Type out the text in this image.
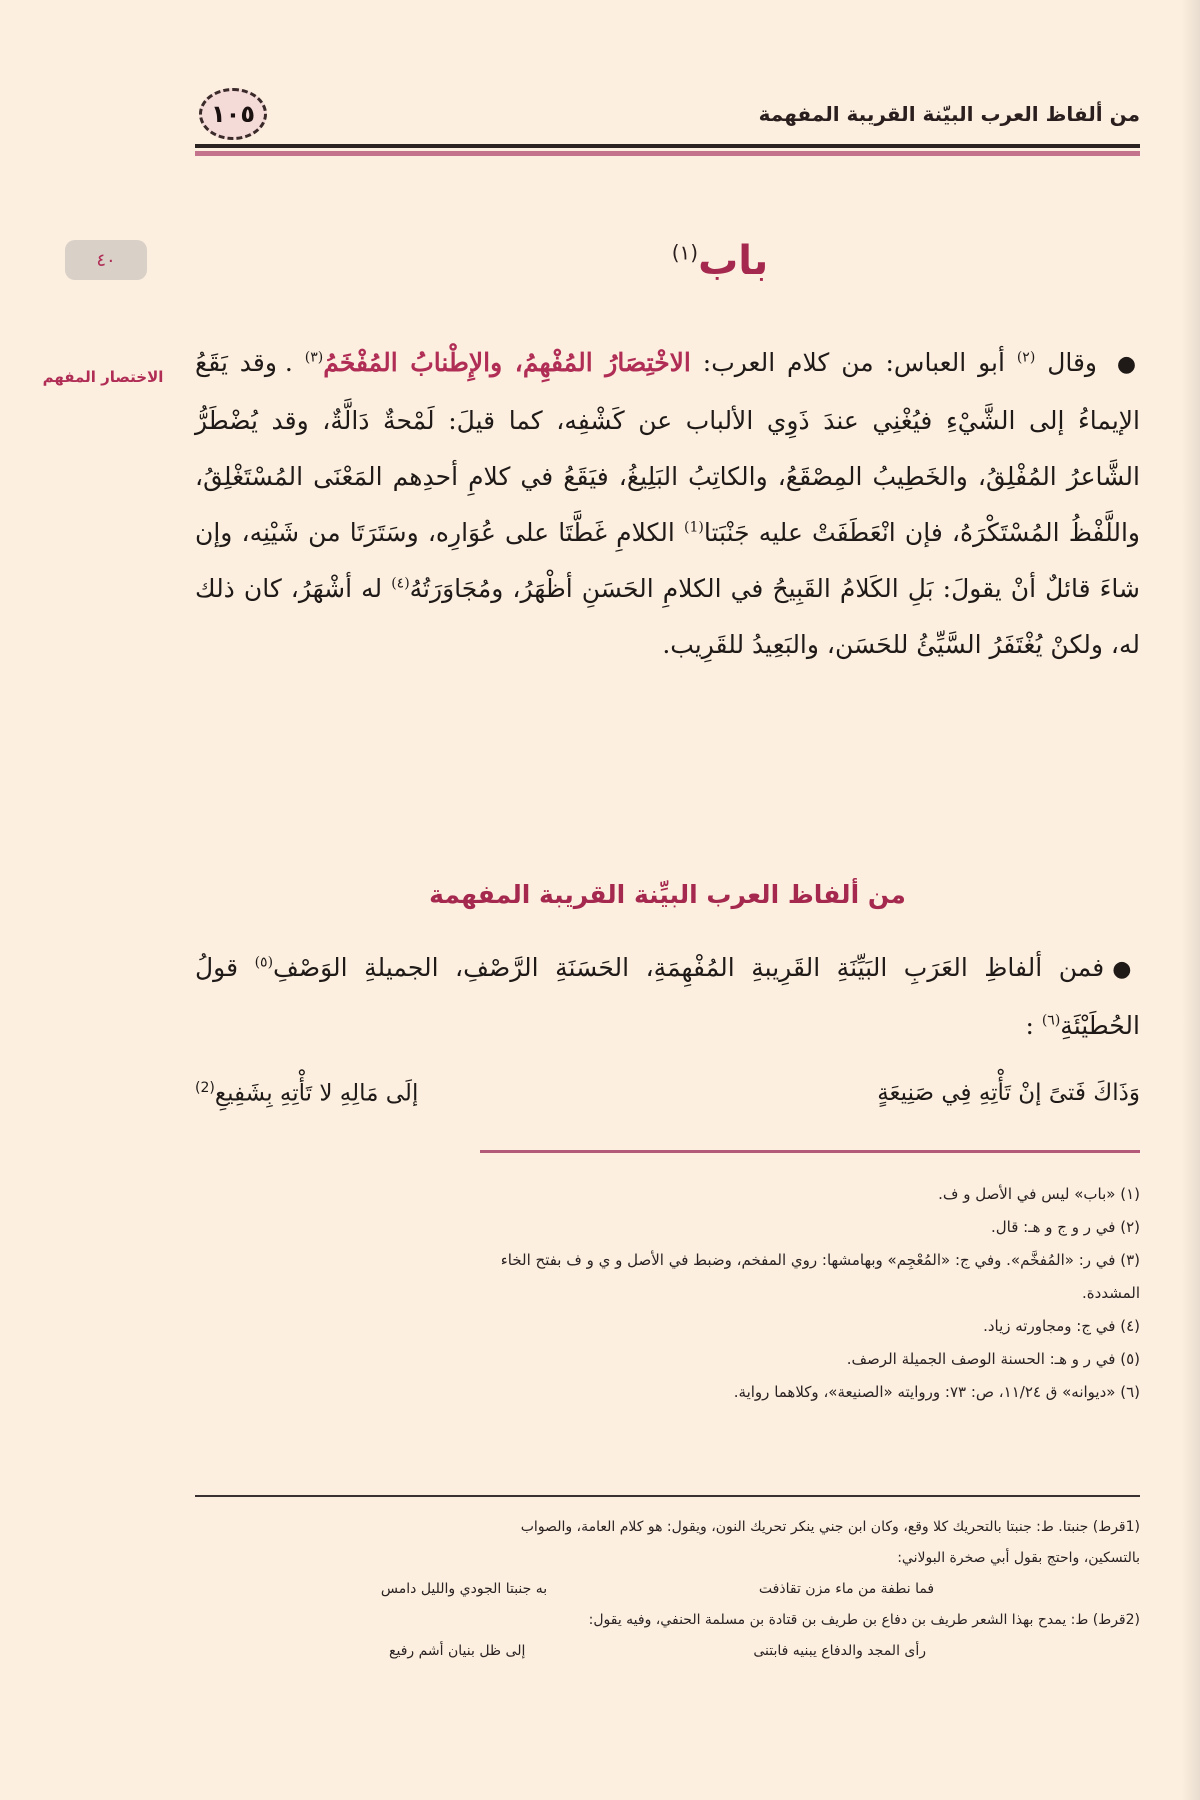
من ألفاظ العرب البيّنة القريبة المفهمة
١٠٥
٤٠
الاختصار المفهم
باب$^{(١)}$

● وقال $^{(٢)}$ أبو العباس: من كلام العرب: الاخْتِصَارُ المُفْهِمُ، والإِطْنابُ المُفْخَمُ$^{(٣)}$ . وقد يَقَعُ الإيماءُ إلى الشَّيْءِ فيُغْنِي عندَ ذَوِي الألباب عن كَشْفِه، كما قيلَ: لَمْحةٌ دَالَّةٌ، وقد يُضْطَرُّ الشَّاعرُ المُفْلِقُ، والخَطِيبُ المِصْقَعُ، والكاتِبُ البَلِيغُ، فيَقَعُ في كلامِ أحدِهم المَعْنَى المُسْتَغْلِقُ، واللَّفْظُ المُسْتَكْرَهُ، فإن انْعَطَفَتْ عليه جَنْبَتا$^{(1)}$ الكلامِ غَطَّتَا على عُوَارِه، وسَتَرَتَا من شَيْنِه، وإن شاءَ قائلٌ أنْ يقولَ: بَلِ الكَلامُ القَبِيحُ في الكلامِ الحَسَنِ أظْهَرُ، ومُجَاوَرَتُهُ$^{(٤)}$ له أشْهَرُ، كان ذلك له، ولكنْ يُغْتَفَرُ السَّيِّئُ للحَسَن، والبَعِيدُ للقَرِيب.

من ألفاظ العرب البيِّنة القريبة المفهمة

●فمن ألفاظِ العَرَبِ البَيِّنَةِ القَرِيبةِ المُفْهِمَةِ، الحَسَنَةِ الرَّصْفِ، الجميلةِ الوَصْفِ$^{(٥)}$ قولُ الحُطَيْئَةِ$^{(٦)}$ :

وَذَاكَ فَتىً إنْ تَأْتِهِ فِي صَنِيعَةٍ
إلَى مَالِهِ لا تَأْتِهِ بِشَفِيعِ$^{(2)}$

(١) «باب» ليس في الأصل و ف.

(٢) في ر و ج و هـ: قال.

(٣) في ر: «المُفخَّم». وفي ج: «المُعْجِم» وبهامشها: روي المفخم، وضبط في الأصل و ي و ف بفتح الخاء

المشددة.

(٤) في ج: ومجاورته زياد.

(٥) في ر و هـ: الحسنة الوصف الجميلة الرصف.

(٦) «ديوانه» ق ١١/٢٤، ص: ٧٣: وروايته «الصنيعة»، وكلاهما رواية.

(1قرط) جنبتا. ط: جنبتا بالتحريك كلا وقع، وكان ابن جني ينكر تحريك النون، ويقول: هو كلام العامة، والصواب

بالتسكين، واحتج بقول أبي صخرة البولاني:

فما نطفة من ماء مزن تقاذفت
به جنبتا الجودي والليل دامس

(2قرط) ط: يمدح بهذا الشعر طريف بن دفاع بن طريف بن قتادة بن مسلمة الحنفي، وفيه يقول:

رأى المجد والدفاع يبنيه فابتنى
إلى ظل بنيان أشم رفيع
